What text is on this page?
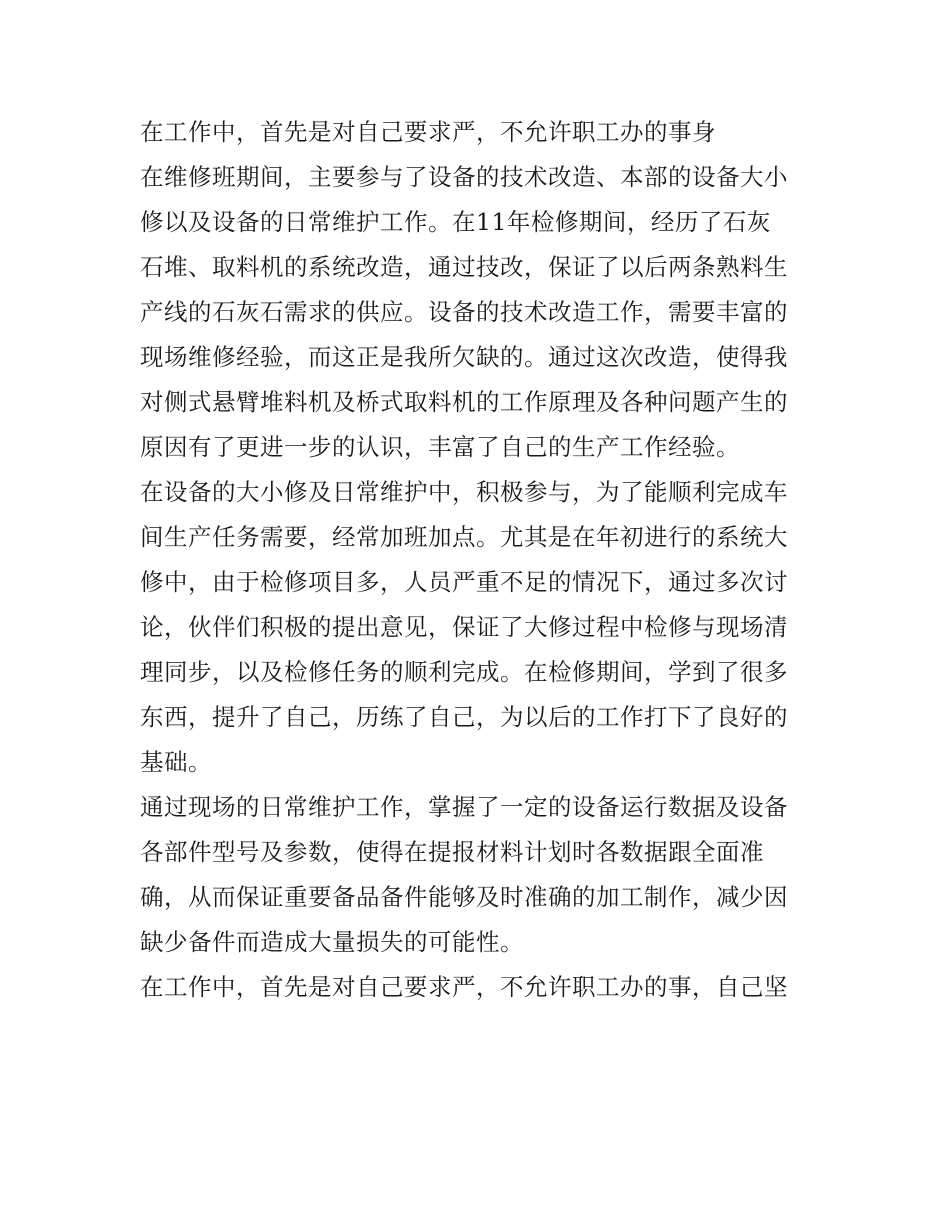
在工作中，首先是对自己要求严，不允许职工办的事身
在维修班期间，主要参与了设备的技术改造、本部的设备大小
修以及设备的日常维护工作。在11年检修期间，经历了石灰
石堆、取料机的系统改造，通过技改，保证了以后两条熟料生
产线的石灰石需求的供应。设备的技术改造工作，需要丰富的
现场维修经验，而这正是我所欠缺的。通过这次改造，使得我
对侧式悬臂堆料机及桥式取料机的工作原理及各种问题产生的
原因有了更进一步的认识，丰富了自己的生产工作经验。
在设备的大小修及日常维护中，积极参与，为了能顺利完成车
间生产任务需要，经常加班加点。尤其是在年初进行的系统大
修中，由于检修项目多，人员严重不足的情况下，通过多次讨
论，伙伴们积极的提出意见，保证了大修过程中检修与现场清
理同步，以及检修任务的顺利完成。在检修期间，学到了很多
东西，提升了自己，历练了自己，为以后的工作打下了良好的
基础。
通过现场的日常维护工作，掌握了一定的设备运行数据及设备
各部件型号及参数，使得在提报材料计划时各数据跟全面准
确，从而保证重要备品备件能够及时准确的加工制作，减少因
缺少备件而造成大量损失的可能性。
在工作中，首先是对自己要求严，不允许职工办的事，自己坚
